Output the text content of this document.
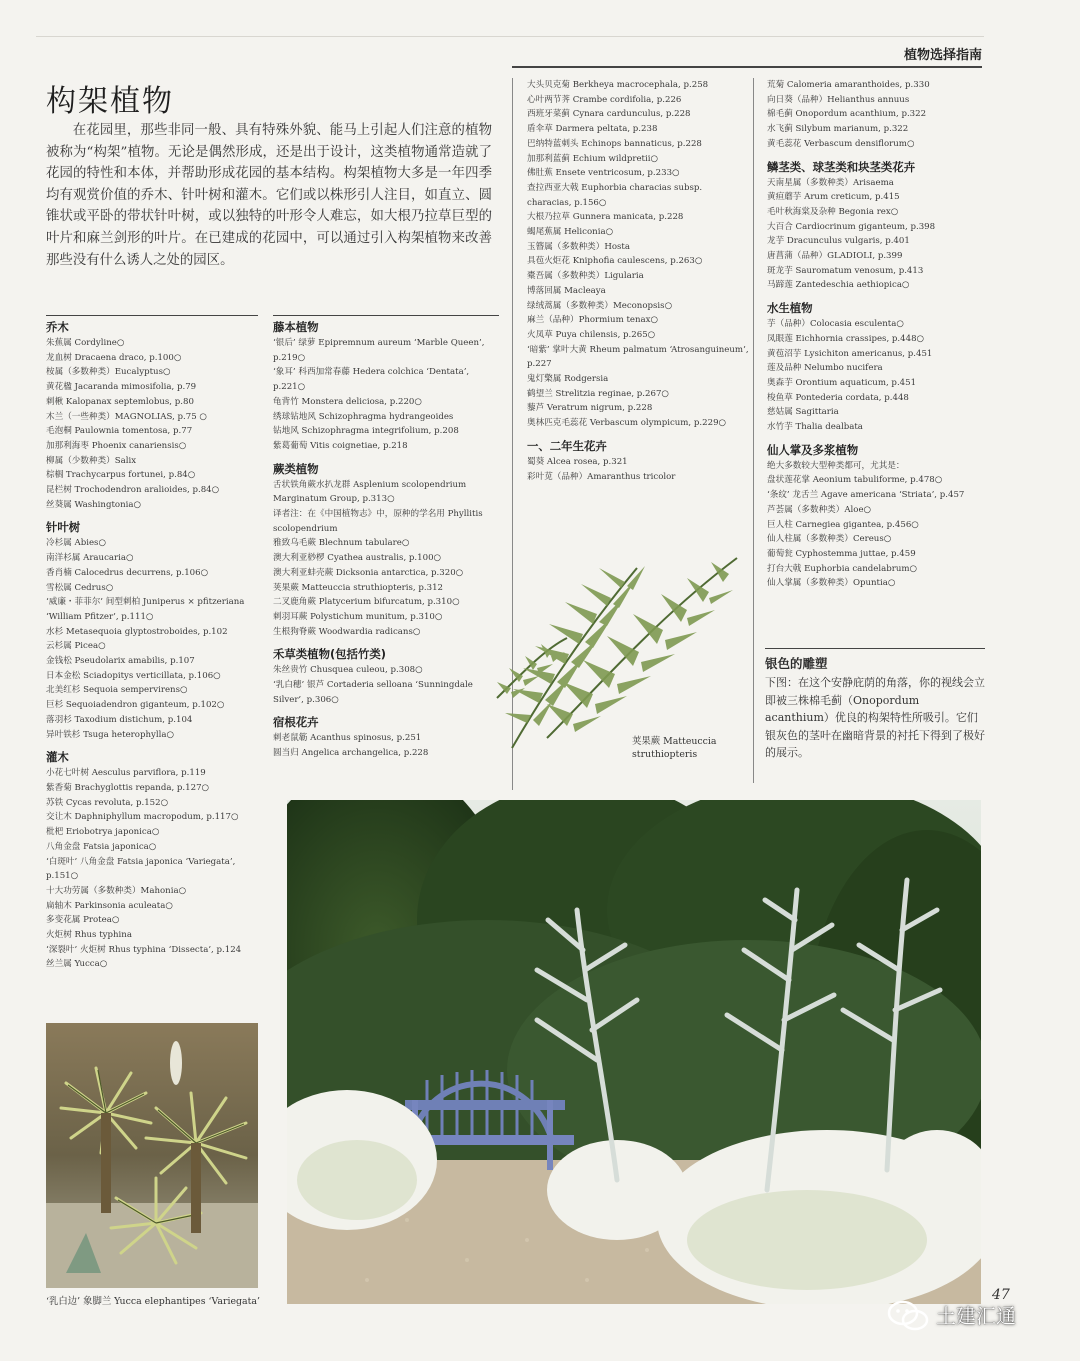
植物选择指南
构架植物
在花园里，那些非同一般、具有特殊外貌、能马上引起人们注意的植物被称为“构架”植物。无论是偶然形成，还是出于设计，这类植物通常造就了花园的特性和本体，并帮助形成花园的基本结构。构架植物大多是一年四季均有观赏价值的乔木、针叶树和灌木。它们或以株形引人注目，如直立、圆锥状或平卧的带状针叶树，或以独特的叶形令人难忘，如大根乃拉草巨型的叶片和麻兰剑形的叶片。在已建成的花园中，可以通过引入构架植物来改善那些没有什么诱人之处的园区。
乔木
朱蕉属 Cordyline○
龙血树 Dracaena draco, p.100○
桉属（多数种类）Eucalyptus○
黄花楹 Jacaranda mimosifolia, p.79
刺楸 Kalopanax septemlobus, p.80
木兰（一些种类）MAGNOLIAS, p.75 ○
毛泡桐 Paulownia tomentosa, p.77
加那利海枣 Phoenix canariensis○
柳属（少数种类）Salix
棕榈 Trachycarpus fortunei, p.84○
昆栏树 Trochodendron aralioides, p.84○
丝葵属 Washingtonia○
针叶树
冷杉属 Abies○
南洋杉属 Araucaria○
香肖楠 Calocedrus decurrens, p.106○
雪松属 Cedrus○
‘威廉・菲菲尔’ 间型刺柏 Juniperus × pfitzeriana ‘William Pfitzer’, p.111○
水杉 Metasequoia glyptostroboides, p.102
云杉属 Picea○
金钱松 Pseudolarix amabilis, p.107
日本金松 Sciadopitys verticillata, p.106○
北美红杉 Sequoia sempervirens○
巨杉 Sequoiadendron giganteum, p.102○
落羽杉 Taxodium distichum, p.104
异叶铁杉 Tsuga heterophylla○
灌木
小花七叶树 Aesculus parviflora, p.119
紫香菊 Brachyglottis repanda, p.127○
苏铁 Cycas revoluta, p.152○
交让木 Daphniphyllum macropodum, p.117○
枇杷 Eriobotrya japonica○
八角金盘 Fatsia japonica○
‘白斑叶’ 八角金盘 Fatsia japonica ‘Variegata’, p.151○
十大功劳属（多数种类）Mahonia○
扁轴木 Parkinsonia aculeata○
多变花属 Protea○
火炬树 Rhus typhina
‘深裂叶’ 火炬树 Rhus typhina ‘Dissecta’, p.124
丝兰属 Yucca○
藤本植物
‘银后’ 绿萝 Epipremnum aureum ‘Marble Queen’, p.219○
‘象耳’ 科西加常春藤 Hedera colchica ‘Dentata’, p.221○
龟背竹 Monstera deliciosa, p.220○
绣球钻地风 Schizophragma hydrangeoides
钻地风 Schizophragma integrifolium, p.208
紫葛葡萄 Vitis coignetiae, p.218
蕨类植物
舌状铁角蕨水扒龙群 Asplenium scolopendrium Marginatum Group, p.313○
译者注：在《中国植物志》中，原种的学名用 Phyllitis scolopendrium
雅致乌毛蕨 Blechnum tabulare○
澳大利亚桫椤 Cyathea australis, p.100○
澳大利亚蚌壳蕨 Dicksonia antarctica, p.320○
荚果蕨 Matteuccia struthiopteris, p.312
二叉鹿角蕨 Platycerium bifurcatum, p.310○
刺羽耳蕨 Polystichum munitum, p.310○
生根狗脊蕨 Woodwardia radicans○
禾草类植物(包括竹类)
朱丝贵竹 Chusquea culeou, p.308○
‘乳白穗’ 银芦 Cortaderia selloana ‘Sunningdale Silver’, p.306○
宿根花卉
刺老鼠簕 Acanthus spinosus, p.251
圆当归 Angelica archangelica, p.228
大头贝克菊 Berkheya macrocephala, p.258
心叶两节荠 Crambe cordifolia, p.226
西班牙菜蓟 Cynara cardunculus, p.228
盾伞草 Darmera peltata, p.238
巴纳特蓝刺头 Echinops bannaticus, p.228
加那利蓝蓟 Echium wildpretii○
佛肚蕉 Ensete ventricosum, p.233○
查拉西亚大戟 Euphorbia characias subsp. characias, p.156○
大根乃拉草 Gunnera manicata, p.228
蝎尾蕉属 Heliconia○
玉簪属（多数种类）Hosta
具苞火炬花 Kniphofia caulescens, p.263○
橐吾属（多数种类）Ligularia
博落回属 Macleaya
绿绒蒿属（多数种类）Meconopsis○
麻兰（品种）Phormium tenax○
火凤草 Puya chilensis, p.265○
‘暗紫’ 掌叶大黄 Rheum palmatum ‘Atrosanguineum’, p.227
鬼灯檠属 Rodgersia
鹤望兰 Strelitzia reginae, p.267○
藜芦 Veratrum nigrum, p.228
奥林匹克毛蕊花 Verbascum olympicum, p.229○
一、二年生花卉
蜀葵 Alcea rosea, p.321
彩叶苋（品种）Amaranthus tricolor
荒菊 Calomeria amaranthoides, p.330
向日葵（品种）Helianthus annuus
棉毛蓟 Onopordum acanthium, p.322
水飞蓟 Silybum marianum, p.322
黄毛蕊花 Verbascum densiflorum○
鳞茎类、球茎类和块茎类花卉
天南星属（多数种类）Arisaema
黄疸蘑芋 Arum creticum, p.415
毛叶秋海棠及杂种 Begonia rex○
大百合 Cardiocrinum giganteum, p.398
龙芋 Dracunculus vulgaris, p.401
唐菖蒲（品种）GLADIOLI, p.399
斑龙芋 Sauromatum venosum, p.413
马蹄莲 Zantedeschia aethiopica○
水生植物
芋（品种）Colocasia esculenta○
凤眼莲 Eichhornia crassipes, p.448○
黄苞沼芋 Lysichiton americanus, p.451
莲及品种 Nelumbo nucifera
奥森芋 Orontium aquaticum, p.451
梭鱼草 Pontederia cordata, p.448
慈姑属 Sagittaria
水竹芋 Thalia dealbata
仙人掌及多浆植物
绝大多数较大型种类都可，尤其是：
盘状莲花掌 Aeonium tabuliforme, p.478○
‘条纹’ 龙舌兰 Agave americana ‘Striata’, p.457
芦荟属（多数种类）Aloe○
巨人柱 Carnegiea gigantea, p.456○
仙人柱属（多数种类）Cereus○
葡萄瓮 Cyphostemma juttae, p.459
打台大戟 Euphorbia candelabrum○
仙人掌属（多数种类）Opuntia○
银色的雕塑
下图：在这个安静庇荫的角落，你的视线会立即被三株棉毛蓟（Onopordum acanthium）优良的构架特性所吸引。它们银灰色的茎叶在幽暗背景的衬托下得到了极好的展示。
荚果蕨 Matteuccia struthiopteris
‘乳白边’ 象脚兰 Yucca elephantipes ‘Variegata’	47
土建汇通
